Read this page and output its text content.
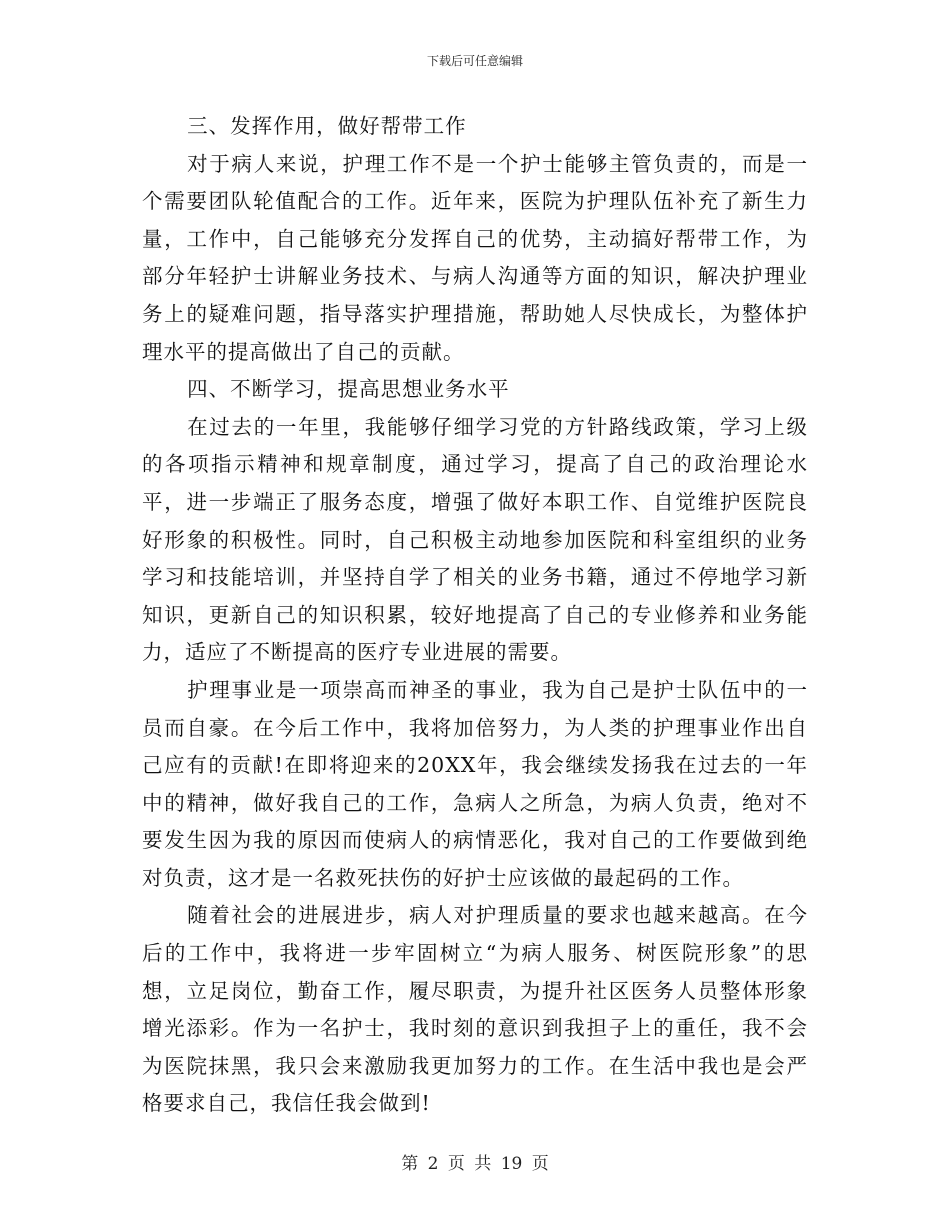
下载后可任意编辑

三、发挥作用，做好帮带工作

对于病人来说，护理工作不是一个护士能够主管负责的，而是一个需要团队轮值配合的工作。近年来，医院为护理队伍补充了新生力量，工作中，自己能够充分发挥自己的优势，主动搞好帮带工作，为部分年轻护士讲解业务技术、与病人沟通等方面的知识，解决护理业务上的疑难问题，指导落实护理措施，帮助她人尽快成长，为整体护理水平的提高做出了自己的贡献。

四、不断学习，提高思想业务水平

在过去的一年里，我能够仔细学习党的方针路线政策，学习上级的各项指示精神和规章制度，通过学习，提高了自己的政治理论水平，进一步端正了服务态度，增强了做好本职工作、自觉维护医院良好形象的积极性。同时，自己积极主动地参加医院和科室组织的业务学习和技能培训，并坚持自学了相关的业务书籍，通过不停地学习新知识，更新自己的知识积累，较好地提高了自己的专业修养和业务能力，适应了不断提高的医疗专业进展的需要。

护理事业是一项崇高而神圣的事业，我为自己是护士队伍中的一员而自豪。在今后工作中，我将加倍努力，为人类的护理事业作出自己应有的贡献!在即将迎来的20XX年，我会继续发扬我在过去的一年中的精神，做好我自己的工作，急病人之所急，为病人负责，绝对不要发生因为我的原因而使病人的病情恶化，我对自己的工作要做到绝对负责，这才是一名救死扶伤的好护士应该做的最起码的工作。

随着社会的进展进步，病人对护理质量的要求也越来越高。在今后的工作中，我将进一步牢固树立“为病人服务、树医院形象”的思想，立足岗位，勤奋工作，履尽职责，为提升社区医务人员整体形象增光添彩。作为一名护士，我时刻的意识到我担子上的重任，我不会为医院抹黑，我只会来激励我更加努力的工作。在生活中我也是会严格要求自己，我信任我会做到!

第 2 页 共 19 页
